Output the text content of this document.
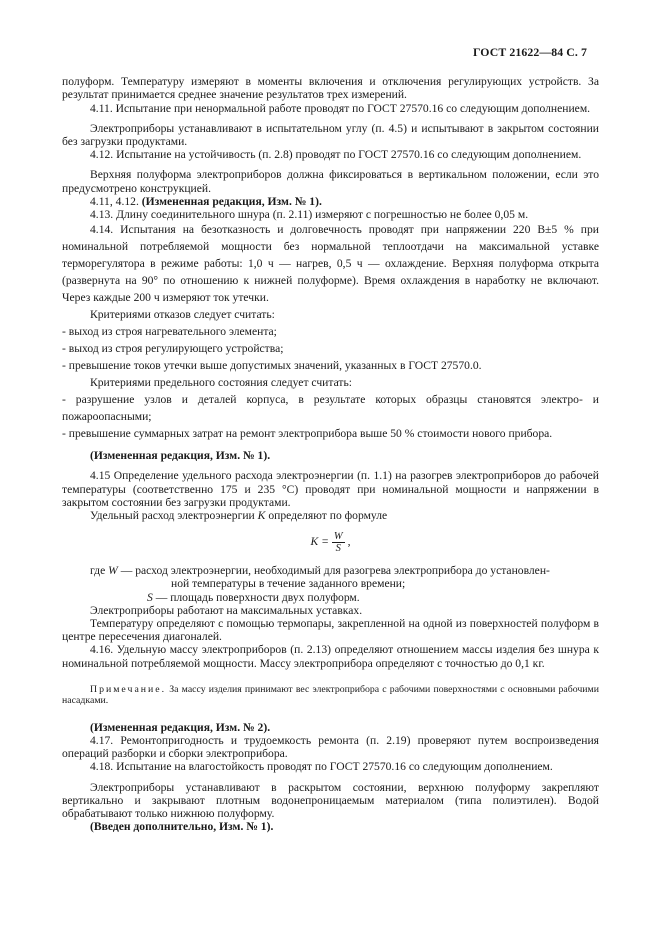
ГОСТ 21622—84 С. 7

полуформ. Температуру измеряют в моменты включения и отключения регулирующих устройств. За результат принимается среднее значение результатов трех измерений.

4.11. Испытание при ненормальной работе проводят по ГОСТ 27570.16 со следующим дополнением.

Электроприборы устанавливают в испытательном углу (п. 4.5) и испытывают в закрытом состоянии без загрузки продуктами.

4.12. Испытание на устойчивость (п. 2.8) проводят по ГОСТ 27570.16 со следующим дополнением.

Верхняя полуформа электроприборов должна фиксироваться в вертикальном положении, если это предусмотрено конструкцией.

4.11, 4.12. (Измененная редакция, Изм. № 1).

4.13. Длину соединительного шнура (п. 2.11) измеряют с погрешностью не более 0,05 м.

4.14. Испытания на безотказность и долговечность проводят при напряжении 220 В±5 % при номинальной потребляемой мощности без нормальной теплоотдачи на максимальной уставке терморегулятора в режиме работы: 1,0 ч — нагрев, 0,5 ч — охлаждение. Верхняя полуформа открыта (развернута на 90° по отношению к нижней полуформе). Время охлаждения в наработку не включают. Через каждые 200 ч измеряют ток утечки.

Критериями отказов следует считать:

- выход из строя нагревательного элемента;

- выход из строя регулирующего устройства;

- превышение токов утечки выше допустимых значений, указанных в ГОСТ 27570.0.

Критериями предельного состояния следует считать:

- разрушение узлов и деталей корпуса, в результате которых образцы становятся электро- и пожароопасными;

- превышение суммарных затрат на ремонт электроприбора выше 50 % стоимости нового прибора.

(Измененная редакция, Изм. № 1).

4.15 Определение удельного расхода электроэнергии (п. 1.1) на разогрев электроприборов до рабочей температуры (соответственно 175 и 235 °С) проводят при номинальной мощности и напряжении в закрытом состоянии без загрузки продуктами.

Удельный расход электроэнергии K определяют по формуле

$K = \frac{W}{S}$ ,
где W — расход электроэнергии, необходимый для разогрева электроприбора до установлен-
ной температуры в течение заданного времени;
S — площадь поверхности двух полуформ.

Электроприборы работают на максимальных уставках.

Температуру определяют с помощью термопары, закрепленной на одной из поверхностей полуформ в центре пересечения диагоналей.

4.16. Удельную массу электроприборов (п. 2.13) определяют отношением массы изделия без шнура к номинальной потребляемой мощности. Массу электроприбора определяют с точностью до 0,1 кг.

Примечание. За массу изделия принимают вес электроприбора с рабочими поверхностями с основными рабочими насадками.

(Измененная редакция, Изм. № 2).

4.17. Ремонтопригодность и трудоемкость ремонта (п. 2.19) проверяют путем воспроизведения операций разборки и сборки электроприбора.

4.18. Испытание на влагостойкость проводят по ГОСТ 27570.16 со следующим дополнением.

Электроприборы устанавливают в раскрытом состоянии, верхнюю полуформу закрепляют вертикально и закрывают плотным водонепроницаемым материалом (типа полиэтилен). Водой обрабатывают только нижнюю полуформу.

(Введен дополнительно, Изм. № 1).
